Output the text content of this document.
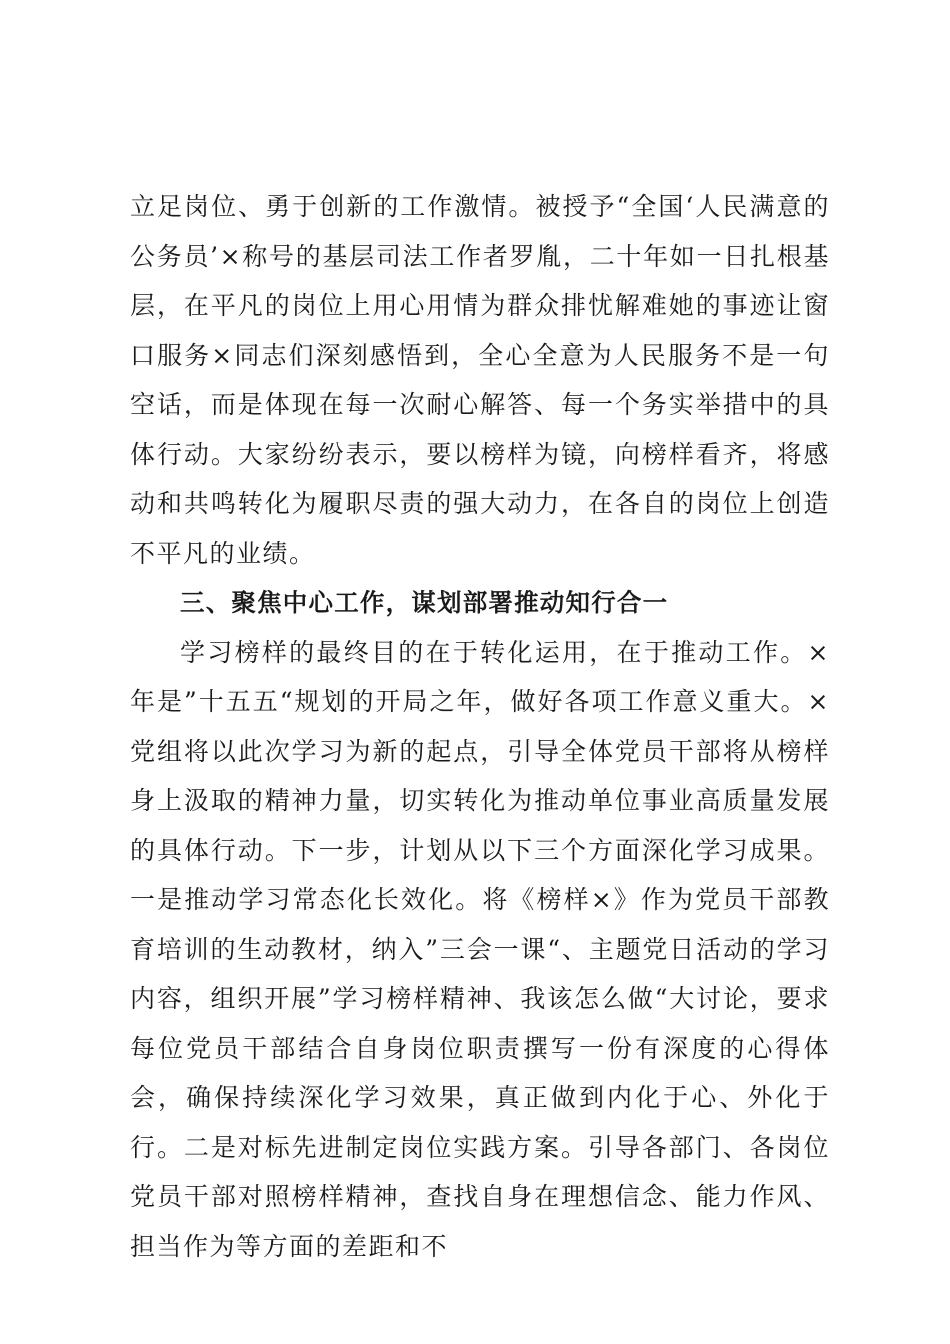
立足岗位、勇于创新的工作激情。被授予“全国‘人民满意的公务员’×称号的基层司法工作者罗胤，二十年如一日扎根基层，在平凡的岗位上用心用情为群众排忧解难她的事迹让窗口服务×同志们深刻感悟到，全心全意为人民服务不是一句空话，而是体现在每一次耐心解答、每一个务实举措中的具体行动。大家纷纷表示，要以榜样为镜，向榜样看齐，将感动和共鸣转化为履职尽责的强大动力，在各自的岗位上创造不平凡的业绩。

三、聚焦中心工作，谋划部署推动知行合一

学习榜样的最终目的在于转化运用，在于推动工作。×年是”十五五“规划的开局之年，做好各项工作意义重大。×党组将以此次学习为新的起点，引导全体党员干部将从榜样身上汲取的精神力量，切实转化为推动单位事业高质量发展的具体行动。下一步，计划从以下三个方面深化学习成果。一是推动学习常态化长效化。将《榜样×》作为党员干部教育培训的生动教材，纳入”三会一课“、主题党日活动的学习内容，组织开展”学习榜样精神、我该怎么做“大讨论，要求每位党员干部结合自身岗位职责撰写一份有深度的心得体会，确保持续深化学习效果，真正做到内化于心、外化于行。二是对标先进制定岗位实践方案。引导各部门、各岗位党员干部对照榜样精神，查找自身在理想信念、能力作风、担当作为等方面的差距和不
